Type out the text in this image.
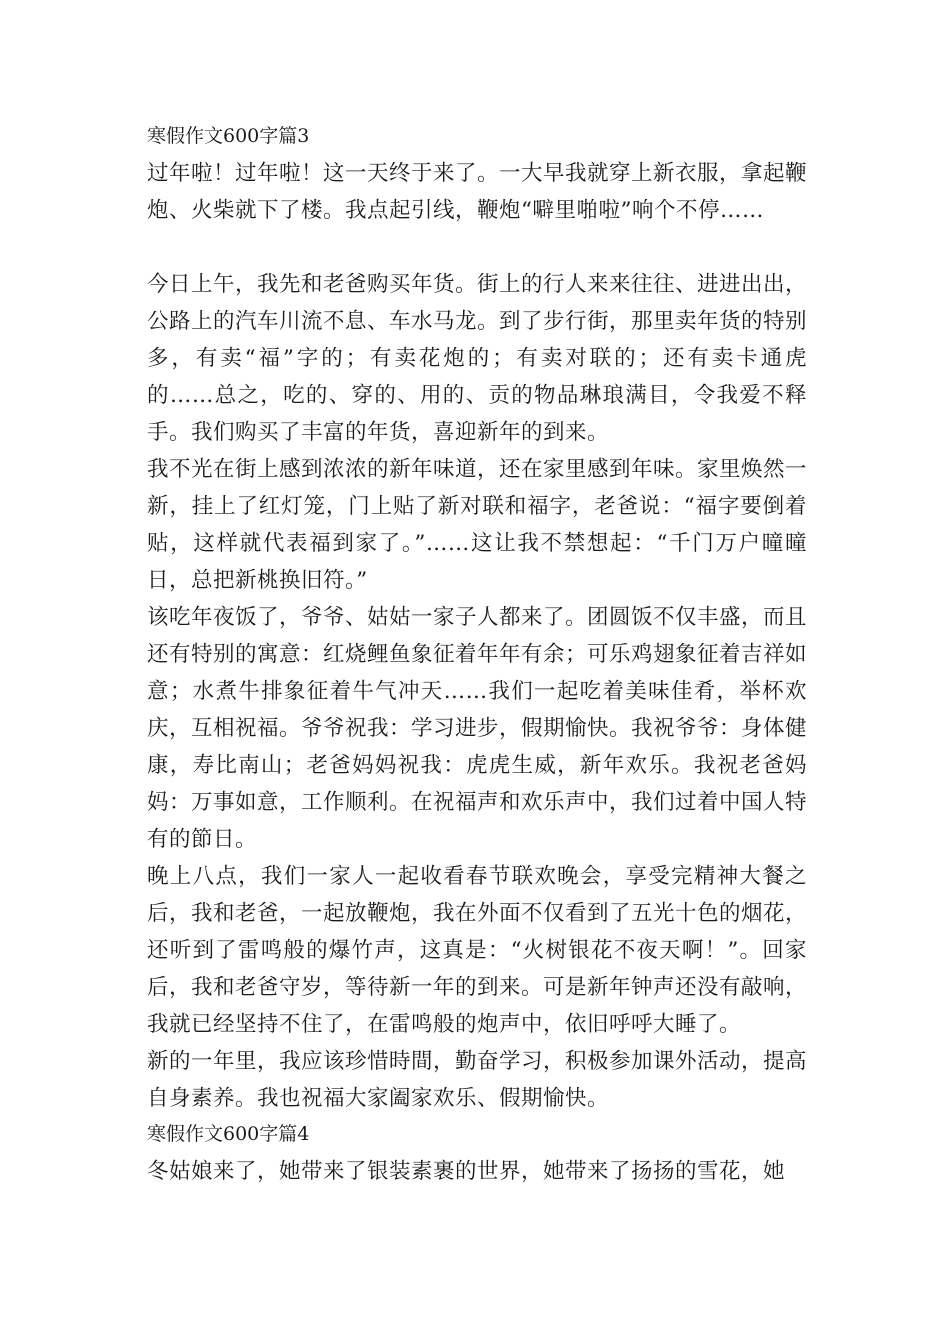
寒假作文600字篇3
过年啦！过年啦！这一天终于来了。一大早我就穿上新衣服，拿起鞭炮、火柴就下了楼。我点起引线，鞭炮“噼里啪啦”响个不停……
今日上午，我先和老爸购买年货。街上的行人来来往往、进进出出，公路上的汽车川流不息、车水马龙。到了步行街，那里卖年货的特别多，有卖“福”字的；有卖花炮的；有卖对联的；还有卖卡通虎的……总之，吃的、穿的、用的、贡的物品琳琅满目，令我爱不释手。我们购买了丰富的年货，喜迎新年的到来。
我不光在街上感到浓浓的新年味道，还在家里感到年味。家里焕然一新，挂上了红灯笼，门上贴了新对联和福字，老爸说：“福字要倒着贴，这样就代表福到家了。”……这让我不禁想起：“千门万户曈曈日，总把新桃换旧符。”
该吃年夜饭了，爷爷、姑姑一家子人都来了。团圆饭不仅丰盛，而且还有特别的寓意：红烧鲤鱼象征着年年有余；可乐鸡翅象征着吉祥如意；水煮牛排象征着牛气冲天……我们一起吃着美味佳肴，举杯欢庆，互相祝福。爷爷祝我：学习进步，假期愉快。我祝爷爷：身体健康，寿比南山；老爸妈妈祝我：虎虎生威，新年欢乐。我祝老爸妈妈：万事如意，工作顺利。在祝福声和欢乐声中，我们过着中国人特有的節日。
晚上八点，我们一家人一起收看春节联欢晚会，享受完精神大餐之后，我和老爸，一起放鞭炮，我在外面不仅看到了五光十色的烟花，还听到了雷鸣般的爆竹声，这真是：“火树银花不夜天啊！”。回家后，我和老爸守岁，等待新一年的到来。可是新年钟声还没有敲响，我就已经坚持不住了，在雷鸣般的炮声中，依旧呼呼大睡了。
新的一年里，我应该珍惜時間，勤奋学习，积极参加课外活动，提高自身素养。我也祝福大家阖家欢乐、假期愉快。
寒假作文600字篇4
冬姑娘来了，她带来了银装素裹的世界，她带来了扬扬的雪花，她
